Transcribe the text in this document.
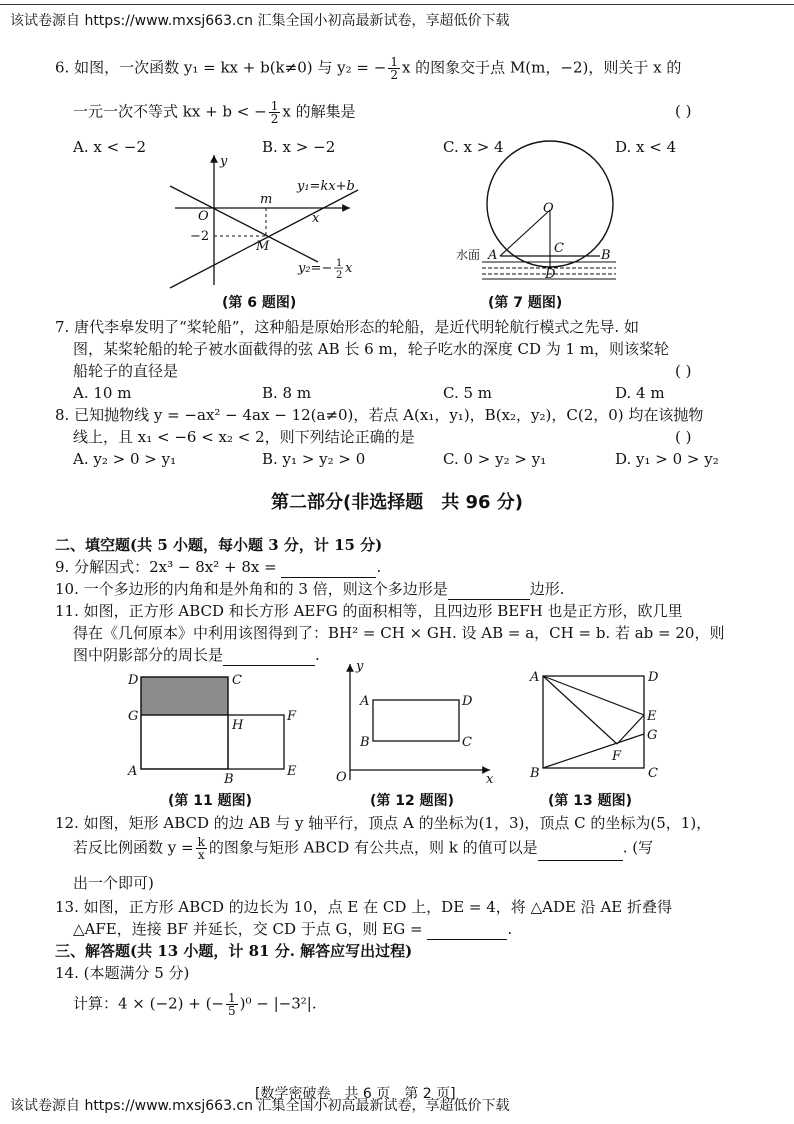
该试卷源自 https://www.mxsj663.cn 汇集全国小初高最新试卷，享超低价下载
6. 如图，一次函数 y₁ = kx + b(k≠0) 与 y₂ = − $\frac{1}{2}$ x 的图象交于点 M(m，−2)，则关于 x 的
一元一次不等式 kx + b < − $\frac{1}{2}$ x 的解集是	( )
A. x < −2	B. x > −2	C. x > 4	D. x < 4
y
x
O
m
−2
M
y₁=kx+b
y₂=− 1
2 x
(第 6 题图)
O
A	B
C
D
水面
(第 7 题图)
7. 唐代李皋发明了“桨轮船”，这种船是原始形态的轮船，是近代明轮航行模式之先导. 如
图，某桨轮船的轮子被水面截得的弦 AB 长 6 m，轮子吃水的深度 CD 为 1 m，则该桨轮
船轮子的直径是	( )
A. 10 m	B. 8 m	C. 5 m	D. 4 m
8. 已知抛物线 y = −ax² − 4ax − 12(a≠0)，若点 A(x₁，y₁)，B(x₂，y₂)，C(2，0) 均在该抛物
线上，且 x₁ < −6 < x₂ < 2，则下列结论正确的是	( )
A. y₂ > 0 > y₁	B. y₁ > y₂ > 0	C. 0 > y₂ > y₁	D. y₁ > 0 > y₂
第二部分(非选择题　共 96 分)
二、填空题(共 5 小题，每小题 3 分，计 15 分)
9. 分解因式：2x³ − 8x² + 8x =	.
10. 一个多边形的内角和是外角和的 3 倍，则这个多边形是	边形.
11. 如图，正方形 ABCD 和长方形 AEFG 的面积相等，且四边形 BEFH 也是正方形，欧几里
得在《几何原本》中利用该图得到了：BH² = CH × GH. 设 AB = a，CH = b. 若 ab = 20，则
图中阴影部分的周长是	.
D	C
G
H
F
A
B
E
(第 11 题图)
y
A	D
B	C
O	x
(第 12 题图)
A	D
E
G
F
B	C
(第 13 题图)
12. 如图，矩形 ABCD 的边 AB 与 y 轴平行，顶点 A 的坐标为(1，3)，顶点 C 的坐标为(5，1)，
若反比例函数 $y = \frac{k}{x}$ 的图象与矩形 ABCD 有公共点，则 k 的值可以是	. (写
出一个即可)
13. 如图，正方形 ABCD 的边长为 10，点 E 在 CD 上，DE = 4，将 △ADE 沿 AE 折叠得
△AFE，连接 BF 并延长，交 CD 于点 G，则 EG =	.
三、解答题(共 13 小题，计 81 分. 解答应写出过程)
14. (本题满分 5 分)
计算：4 × (−2) + (− $\frac{1}{5} )^0 - |-3^2|$.
该试卷源自 https://www.mxsj663.cn 汇集全国小初高最新试卷，享超低价下载
[数学密破卷　共 6 页　第 2 页]
